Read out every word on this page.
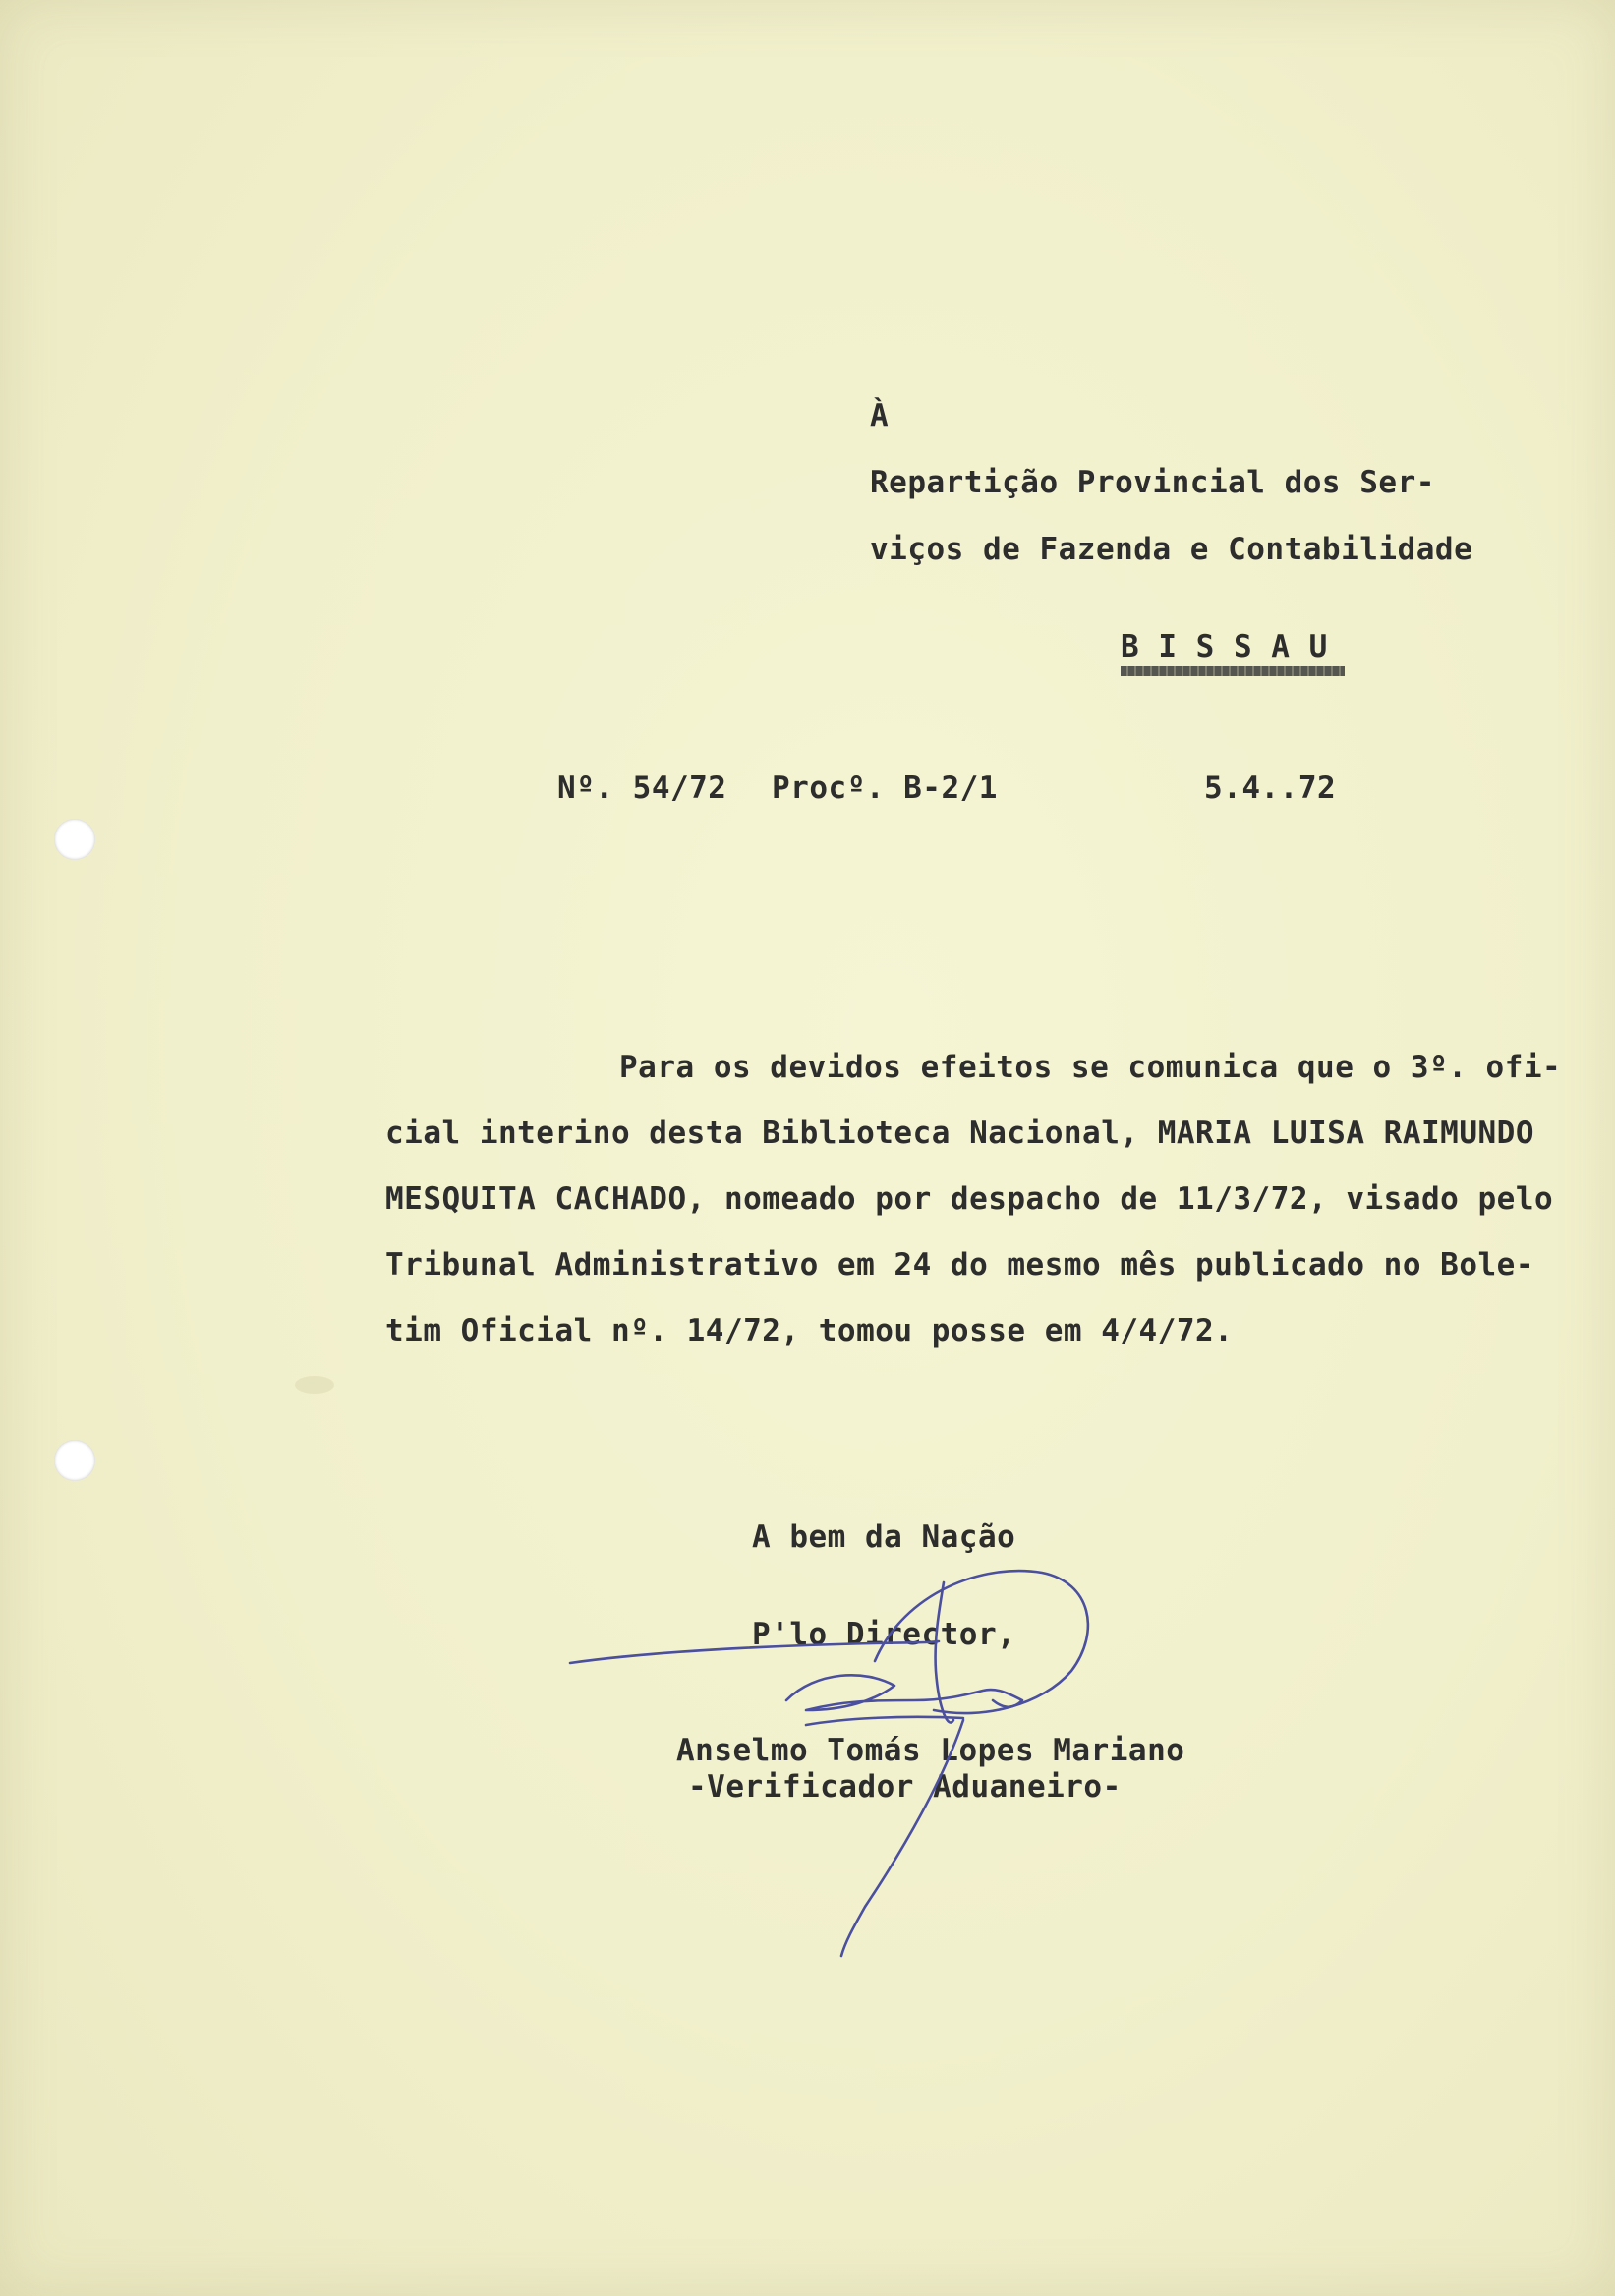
À
Repartição Provincial dos Ser-
viços de Fazenda e Contabilidade
B I S S A U
Nº. 54/72 Procº. B-2/1	5.4..72
Para os devidos efeitos se comunica que o 3º. ofi-
cial interino desta Biblioteca Nacional, MARIA LUISA RAIMUNDO
MESQUITA CACHADO, nomeado por despacho de 11/3/72, visado pelo
Tribunal Administrativo em 24 do mesmo mês publicado no Bole-
tim Oficial nº. 14/72, tomou posse em 4/4/72.
A bem da Nação
P'lo Director,
Anselmo Tomás Lopes Mariano
-Verificador Aduaneiro-
